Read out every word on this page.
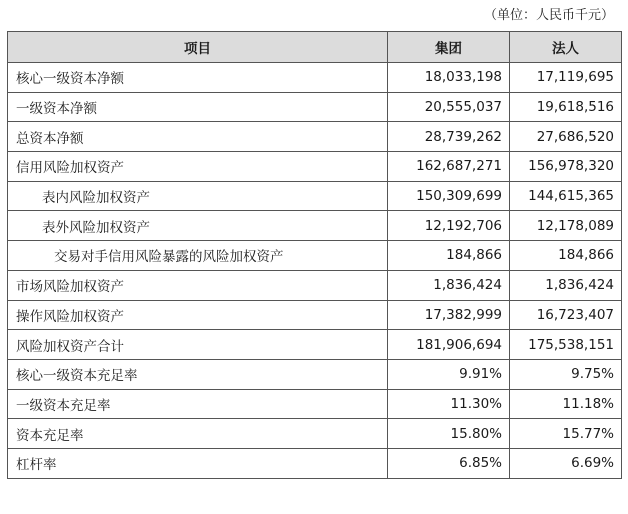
（单位：人民币千元）
项目	集团	法人
核心一级资本净额	18,033,198	17,119,695
一级资本净额	20,555,037	19,618,516
总资本净额	28,739,262	27,686,520
信用风险加权资产	162,687,271	156,978,320
表内风险加权资产	150,309,699	144,615,365
表外风险加权资产	12,192,706	12,178,089
交易对手信用风险暴露的风险加权资产	184,866	184,866
市场风险加权资产	1,836,424	1,836,424
操作风险加权资产	17,382,999	16,723,407
风险加权资产合计	181,906,694	175,538,151
核心一级资本充足率	9.91%	9.75%
一级资本充足率	11.30%	11.18%
资本充足率	15.80%	15.77%
杠杆率	6.85%	6.69%
